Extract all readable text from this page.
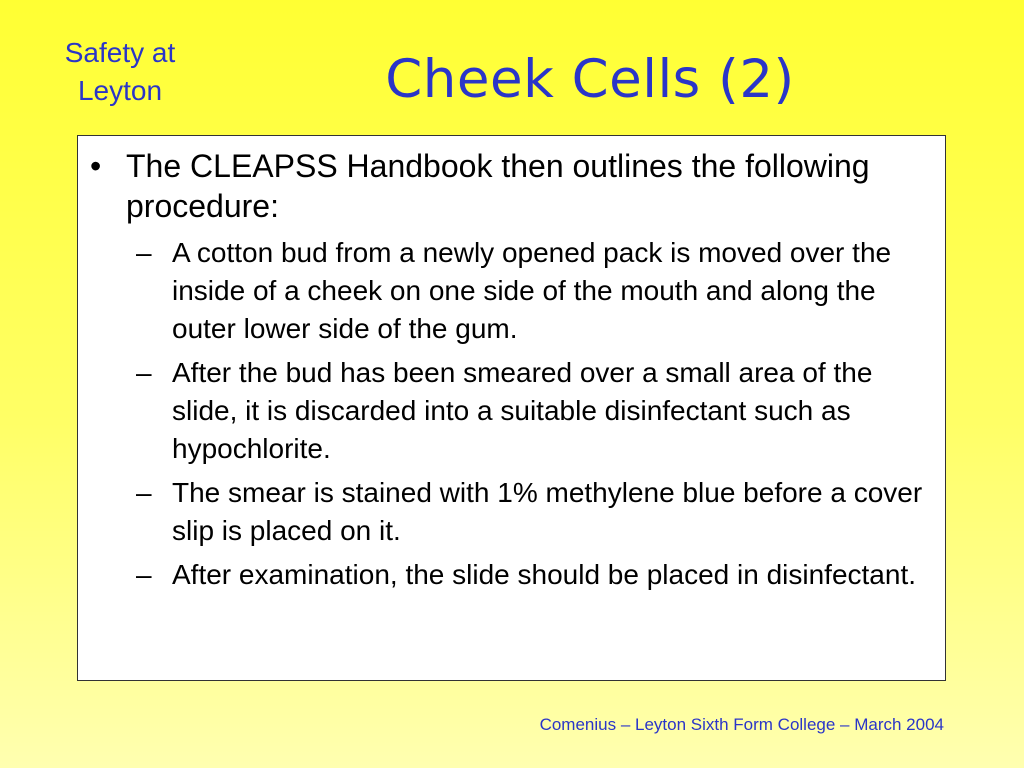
Safety at
Leyton	Cheek Cells (2)
• The CLEAPSS Handbook then outlines the following procedure:
– A cotton bud from a newly opened pack is moved over the inside of a cheek on one side of the mouth and along the outer lower side of the gum.
– After the bud has been smeared over a small area of the slide, it is discarded into a suitable disinfectant such as hypochlorite.
– The smear is stained with 1% methylene blue before a cover slip is placed on it.
– After examination, the slide should be placed in disinfectant.
Comenius – Leyton Sixth Form College – March 2004
